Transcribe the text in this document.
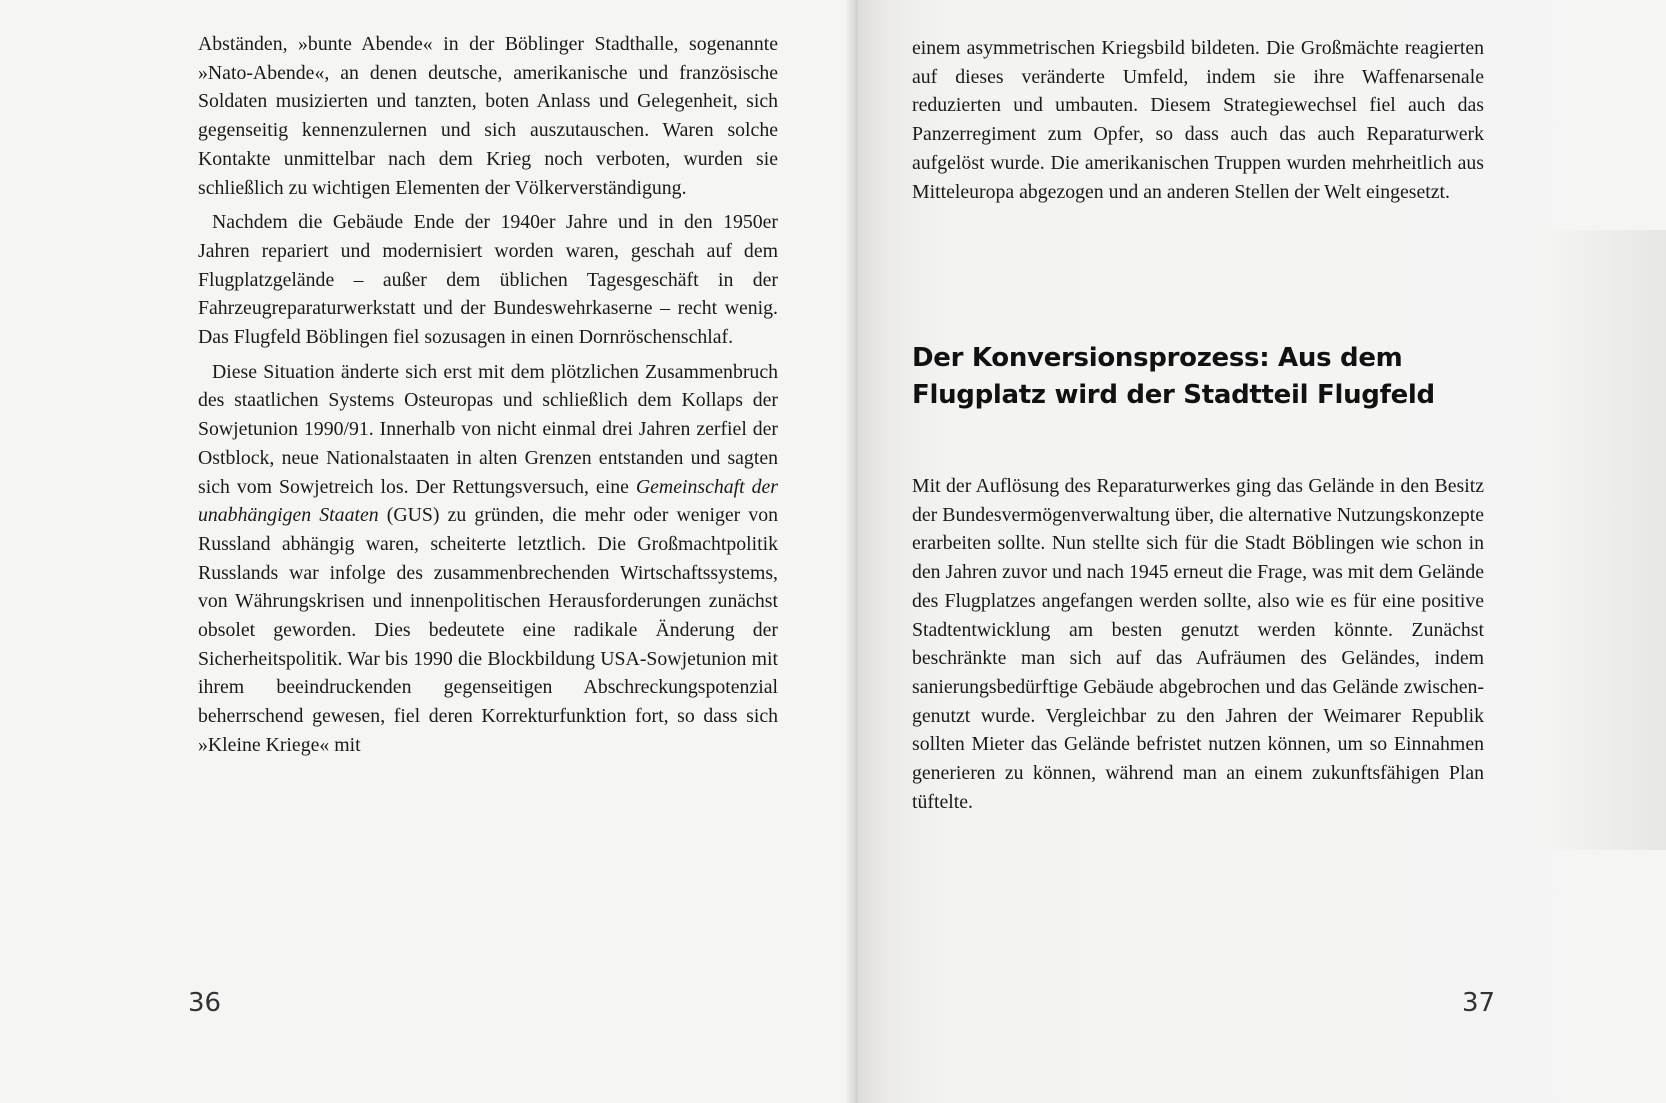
Abständen, »bunte Abende« in der Böblinger Stadthalle, sogenannte »Nato-Abende«, an denen deutsche, amerikanische und französische Soldaten musizierten und tanzten, boten Anlass und Gelegenheit, sich gegenseitig kennenzulernen und sich auszutauschen. Waren solche Kontakte unmittelbar nach dem Krieg noch verboten, wurden sie schließlich zu wichtigen Elementen der Völkerverständigung.

Nachdem die Gebäude Ende der 1940er Jahre und in den 1950er Jahren repariert und modernisiert worden waren, geschah auf dem Flugplatzgelände – außer dem üblichen Tagesgeschäft in der Fahrzeugreparaturwerkstatt und der Bundeswehrkaserne – recht wenig. Das Flugfeld Böblingen fiel sozusagen in einen Dornröschenschlaf.

Diese Situation änderte sich erst mit dem plötzlichen Zusammenbruch des staatlichen Systems Osteuropas und schließlich dem Kollaps der Sowjetunion 1990/91. Innerhalb von nicht einmal drei Jahren zerfiel der Ostblock, neue Nationalstaaten in alten Grenzen entstanden und sagten sich vom Sowjetreich los. Der Rettungsversuch, eine Gemeinschaft der unabhängigen Staaten (GUS) zu gründen, die mehr oder weniger von Russland abhängig waren, scheiterte letztlich. Die Großmachtpolitik Russlands war infolge des zusammenbrechenden Wirtschaftssystems, von Währungskrisen und innenpolitischen Herausforderungen zunächst obsolet geworden. Dies bedeutete eine radikale Änderung der Sicherheitspolitik. War bis 1990 die Blockbildung USA-Sowjetunion mit ihrem beeindruckenden gegenseitigen Abschreckungspotenzial beherrschend gewesen, fiel deren Korrekturfunktion fort, so dass sich »Kleine Kriege« mit

36

einem asymmetrischen Kriegsbild bildeten. Die Großmächte reagierten auf dieses veränderte Umfeld, indem sie ihre Waffenarsenale reduzierten und umbauten. Diesem Strategiewechsel fiel auch das Panzerregiment zum Opfer, so dass auch das auch Reparaturwerk aufgelöst wurde. Die amerikanischen Truppen wurden mehrheitlich aus Mitteleuropa abgezogen und an anderen Stellen der Welt eingesetzt.

Der Konversionsprozess: Aus dem
Flugplatz wird der Stadtteil Flugfeld

Mit der Auflösung des Reparaturwerkes ging das Gelände in den Besitz der Bundesvermögenverwaltung über, die alternative Nutzungskonzepte erarbeiten sollte. Nun stellte sich für die Stadt Böblingen wie schon in den Jahren zuvor und nach 1945 erneut die Frage, was mit dem Gelände des Flugplatzes angefangen werden sollte, also wie es für eine positive Stadtentwicklung am besten genutzt werden könnte. Zunächst beschränkte man sich auf das Aufräumen des Geländes, indem sanierungsbedürftige Gebäude abgebrochen und das Gelände zwischengenutzt wurde. Vergleichbar zu den Jahren der Weimarer Republik sollten Mieter das Gelände befristet nutzen können, um so Einnahmen generieren zu können, während man an einem zukunftsfähigen Plan tüftelte.

37
